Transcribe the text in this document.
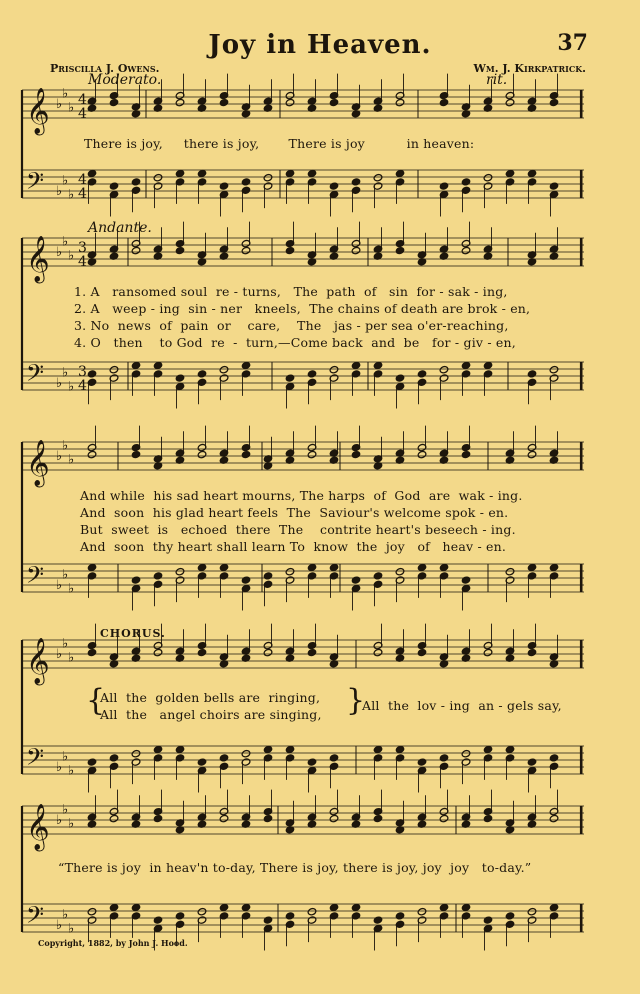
Joy in Heaven.	37
Priscilla J. Owens.	Wm. J. Kirkpatrick.
Moderato.	rit.
Andante.
𝄞
𝄢
♭
♭
♭
♭
♭
♭
𝄞
𝄢
♭
♭
♭
♭
♭
♭
𝄞
𝄢
♭
♭
♭
♭
♭
♭
𝄞
𝄢
♭
♭
♭
♭
♭
♭
𝄞
𝄢
♭
♭
♭
♭
♭
♭
4
4
4
4
3
4
3
4
There is joy,     there is joy,       There is joy          in heaven:
1. A   ransomed soul  re - turns,   The  path  of   sin  for - sak - ing,
2. A   weep - ing  sin - ner   kneels,  The chains of death are brok - en,
3. No  news  of  pain  or    care,    The   jas - per sea o'er-reaching,
4. O   then    to God  re  -  turn,—Come back  and  be   for - giv - en,
And while  his sad heart mourns, The harps  of  God  are  wak - ing.
And  soon  his glad heart feels  The  Saviour's welcome spok - en.
But  sweet  is   echoed  there  The    contrite heart's beseech - ing.
And  soon  thy heart shall learn To  know  the  joy   of   heav - en.
CHORUS.
{
All  the  golden bells are  ringing,
All  the   angel choirs are singing, }
All  the  lov - ing  an - gels say,
“There is joy  in heav'n to-day, There is joy, there is joy, joy  joy   to-day.”
Copyright, 1882, by John J. Hood.
